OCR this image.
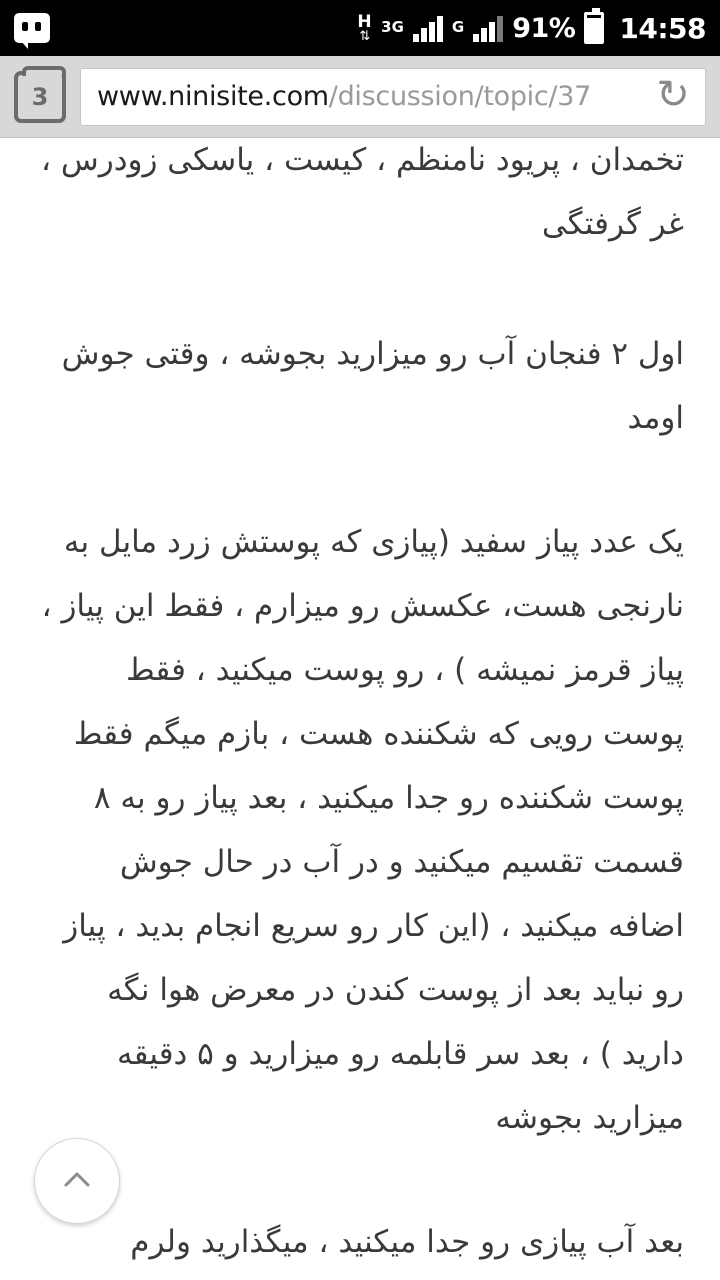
H
⇅
3G	G 91% 14:58
3 www.ninisite.com/discussion/topic/37	↻
تخمدان ، پریود نامنظم ، کیست ، یاسکی زودرس ، غر گرفتگی
اول ۲ فنجان آب رو میزارید بجوشه ، وقتی جوش اومد
یک عدد پیاز سفید (پیازی که پوستش زرد مایل به نارنجی هست، عکسش رو میزارم ، فقط این پیاز ، پیاز قرمز نمیشه ) ، رو پوست میکنید ، فقط پوست رویی که شکننده هست ، بازم میگم فقط پوست شکننده رو جدا میکنید ، بعد پیاز رو به ۸ قسمت تقسیم میکنید و در آب در حال جوش اضافه میکنید ، (این کار رو سریع انجام بدید ، پیاز رو نباید بعد از پوست کندن در معرض هوا نگه دارید ) ، بعد سر قابلمه رو میزارید و ۵ دقیقه میزارید بجوشه
بعد آب پیازی رو جدا میکنید ، میگذارید ولرم
